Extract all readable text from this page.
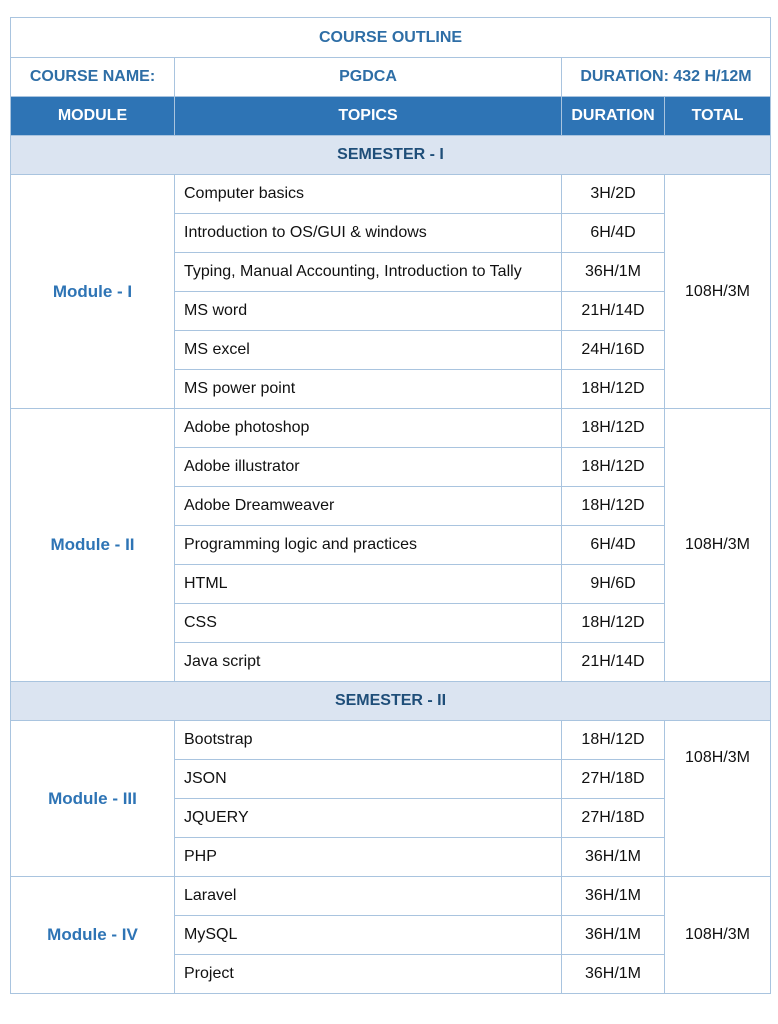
COURSE OUTLINE			
COURSE NAME:	PGDCA	DURATION: 432 H/12M	
MODULE	TOPICS	DURATION	TOTAL
SEMESTER - I			
Module - I	Computer basics	3H/2D	108H/3M
	Introduction to OS/GUI & windows	6H/4D	
	Typing, Manual Accounting, Introduction to Tally	36H/1M	
	MS word	21H/14D	
	MS excel	24H/16D	
	MS power point	18H/12D	
Module - II	Adobe photoshop	18H/12D	108H/3M
	Adobe illustrator	18H/12D	
	Adobe Dreamweaver	18H/12D	
	Programming logic and practices	6H/4D	
	HTML	9H/6D	
	CSS	18H/12D	
	Java script	21H/14D	
SEMESTER - II			
Module - III	Bootstrap	18H/12D	108H/3M
	JSON	27H/18D	
	JQUERY	27H/18D	
	PHP	36H/1M	
Module - IV	Laravel	36H/1M	108H/3M
	MySQL	36H/1M	
	Project	36H/1M	
